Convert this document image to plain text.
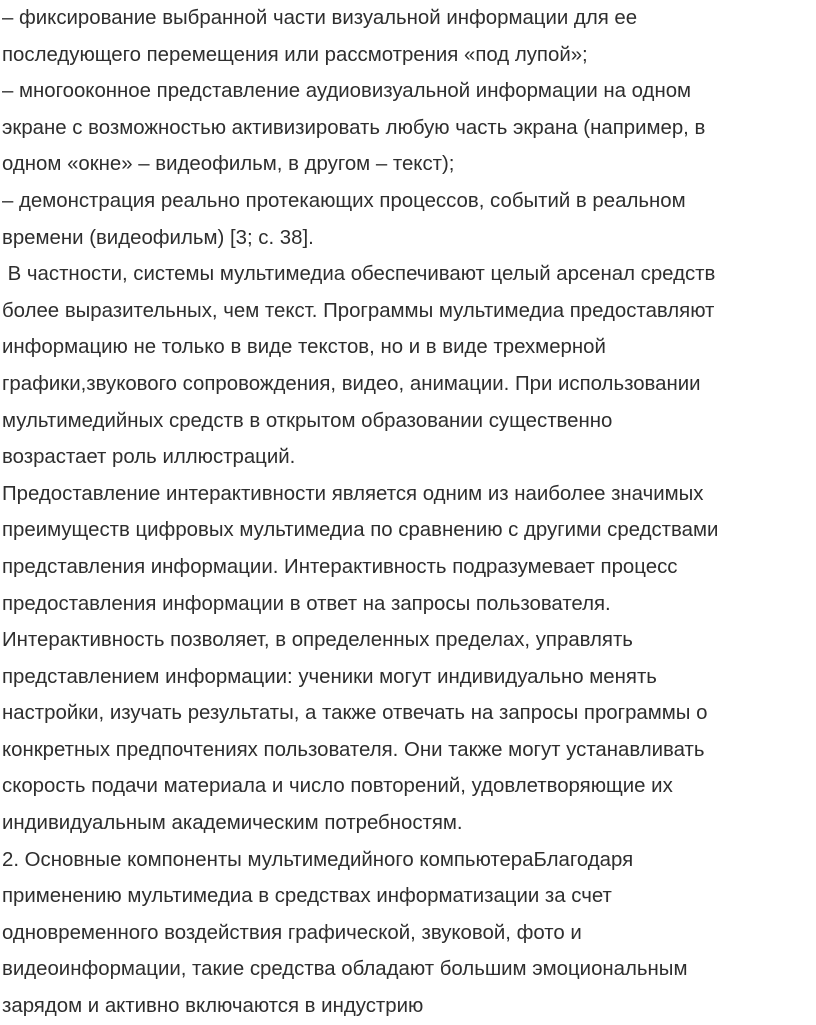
– фиксирование выбранной части визуальной информации для ее
последующего перемещения или рассмотрения «под лупой»;
– многооконное представление аудиовизуальной информации на одном
экране с возможностью активизировать любую часть экрана (например, в
одном «окне» – видеофильм, в другом – текст);
– демонстрация реально протекающих процессов, событий в реальном
времени (видеофильм) [3; с. 38].
В частности, системы мультимедиа обеспечивают целый арсенал средств
более выразительных, чем текст. Программы мультимедиа предоставляют
информацию не только в виде текстов, но и в виде трехмерной
графики,звукового сопровождения, видео, анимации. При использовании
мультимедийных средств в открытом образовании существенно
возрастает роль иллюстраций.
Предоставление интерактивности является одним из наиболее значимых
преимуществ цифровых мультимедиа по сравнению с другими средствами
представления информации. Интерактивность подразумевает процесс
предоставления информации в ответ на запросы пользователя.
Интерактивность позволяет, в определенных пределах, управлять
представлением информации: ученики могут индивидуально менять
настройки, изучать результаты, а также отвечать на запросы программы о
конкретных предпочтениях пользователя. Они также могут устанавливать
скорость подачи материала и число повторений, удовлетворяющие их
индивидуальным академическим потребностям.
2. Основные компоненты мультимедийного компьютераБлагодаря
применению мультимедиа в средствах информатизации за счет
одновременного воздействия графической, звуковой, фото и
видеоинформации, такие средства обладают большим эмоциональным
зарядом и активно включаются в индустрию
